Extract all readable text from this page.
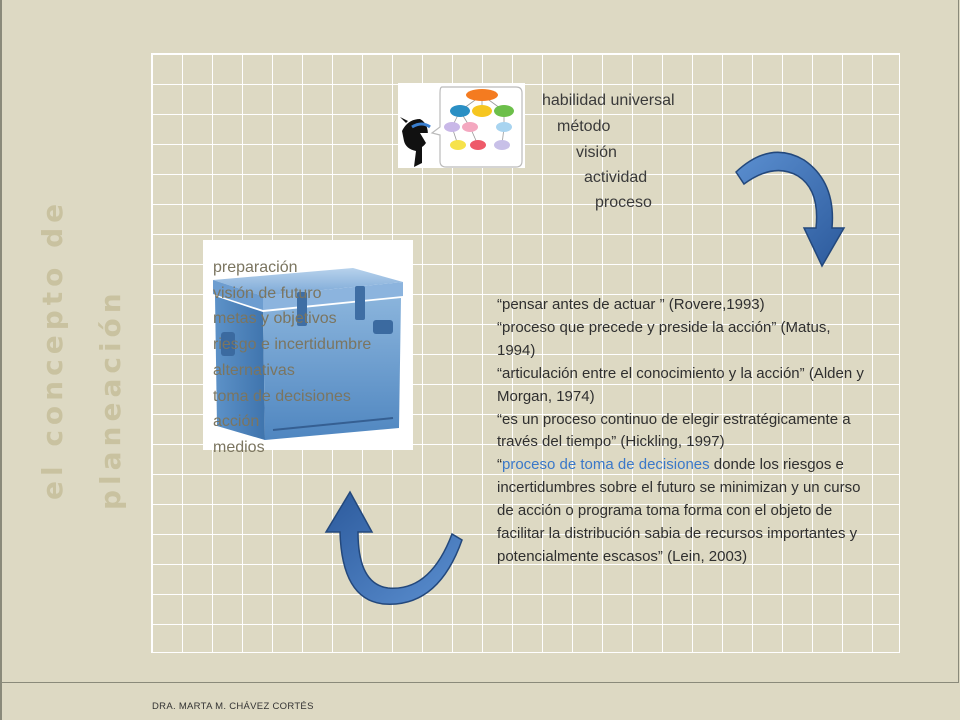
el concepto de planeación
habilidad universal
método
visión
actividad
proceso
preparación
visión de futuro
metas y objetivos
riesgo e incertidumbre
alternativas
toma de decisiones
acción
medios
“pensar antes de actuar ” (Rovere,1993)
“proceso que precede y preside la acción” (Matus, 1994)
“articulación entre el conocimiento y la acción” (Alden y Morgan, 1974)
“es un proceso continuo de elegir estratégicamente a través del tiempo” (Hickling, 1997)
“proceso de toma de decisiones donde los riesgos e incertidumbres sobre el futuro se minimizan y un curso de acción o programa toma forma con el objeto de facilitar la distribución sabia de recursos importantes y potencialmente escasos” (Lein, 2003)
DRA. MARTA M. CHÁVEZ CORTÉS
